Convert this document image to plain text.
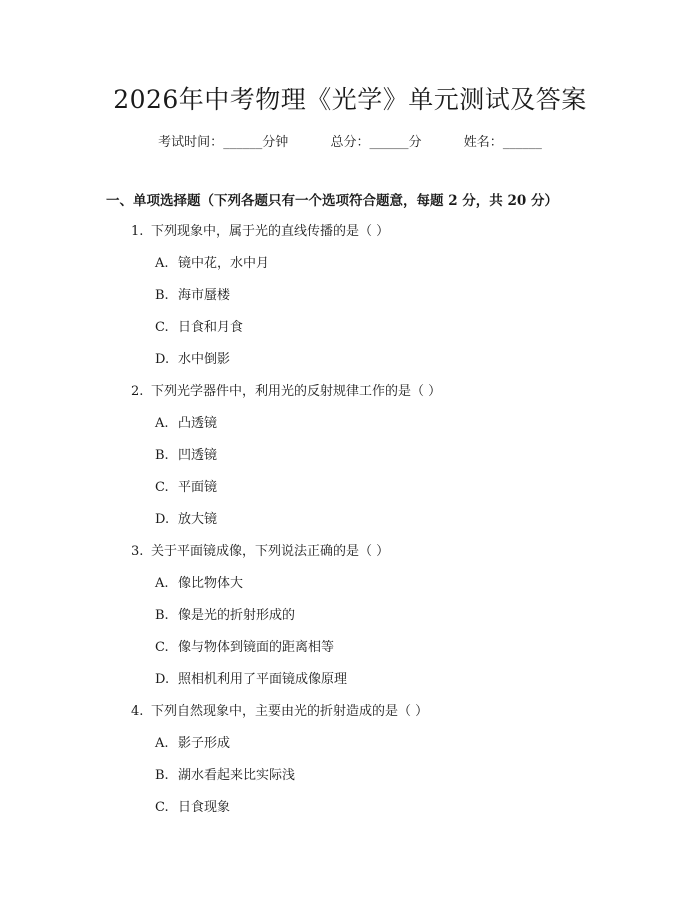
2026年中考物理《光学》单元测试及答案
考试时间：______分钟	总分：______分	姓名：______
一、单项选择题（下列各题只有一个选项符合题意，每题 2 分，共 20 分）
1. 下列现象中，属于光的直线传播的是（ ）
A. 镜中花，水中月
B. 海市蜃楼
C. 日食和月食
D. 水中倒影
2. 下列光学器件中，利用光的反射规律工作的是（ ）
A. 凸透镜
B. 凹透镜
C. 平面镜
D. 放大镜
3. 关于平面镜成像，下列说法正确的是（ ）
A. 像比物体大
B. 像是光的折射形成的
C. 像与物体到镜面的距离相等
D. 照相机利用了平面镜成像原理
4. 下列自然现象中，主要由光的折射造成的是（ ）
A. 影子形成
B. 湖水看起来比实际浅
C. 日食现象
